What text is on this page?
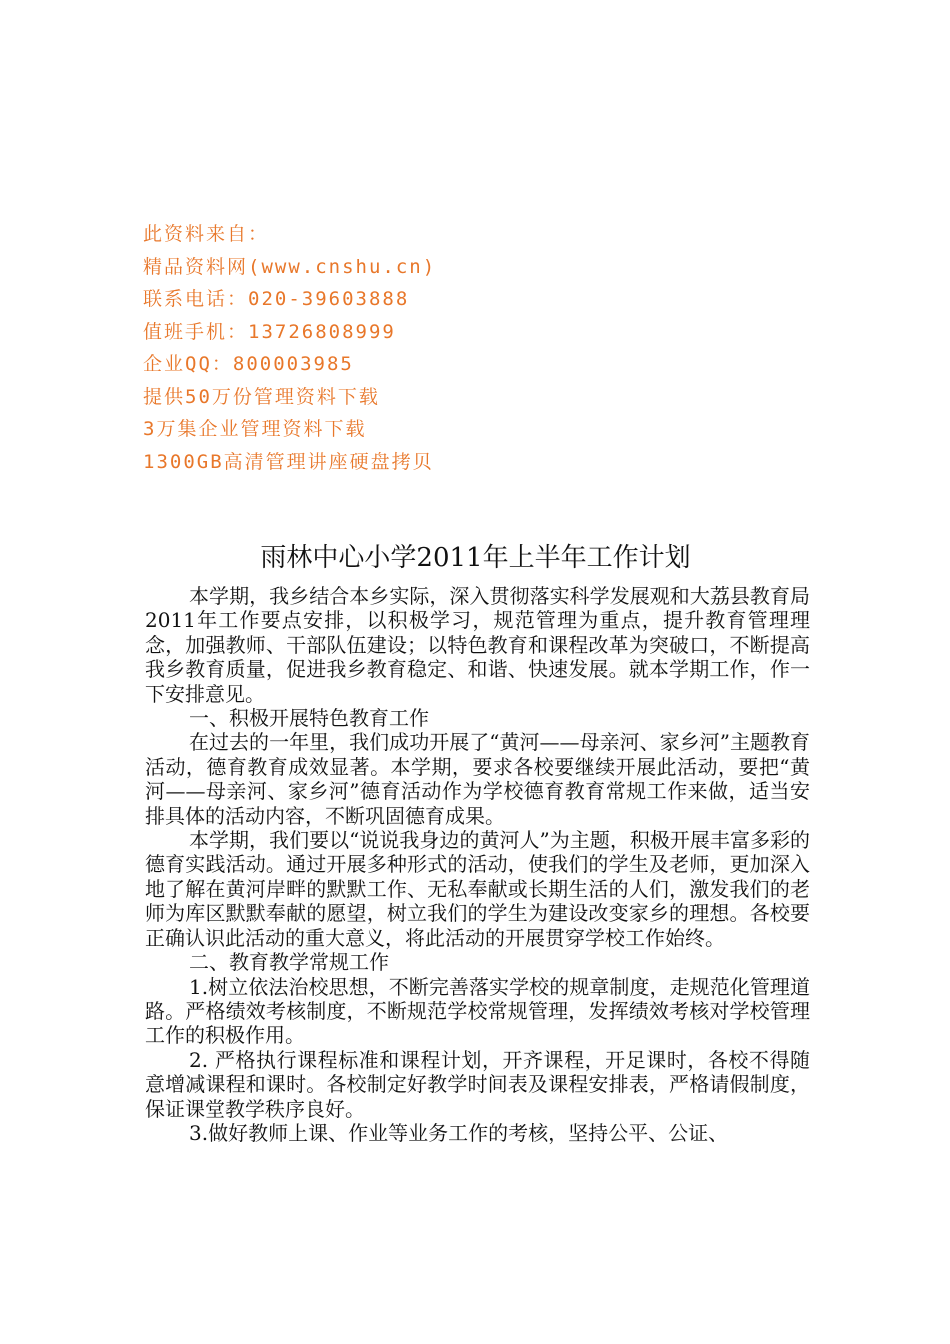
此资料来自：
精品资料网(www.cnshu.cn)
联系电话：020-39603888
值班手机：13726808999
企业QQ：800003985
提供50万份管理资料下载
3万集企业管理资料下载
1300GB高清管理讲座硬盘拷贝
雨林中心小学2011年上半年工作计划

本学期，我乡结合本乡实际，深入贯彻落实科学发展观和大荔县教育局2011年工作要点安排，以积极学习，规范管理为重点，提升教育管理理念，加强教师、干部队伍建设；以特色教育和课程改革为突破口，不断提高我乡教育质量，促进我乡教育稳定、和谐、快速发展。就本学期工作，作一下安排意见。

一、积极开展特色教育工作

在过去的一年里，我们成功开展了“黄河——母亲河、家乡河”主题教育活动，德育教育成效显著。本学期，要求各校要继续开展此活动，要把“黄河——母亲河、家乡河”德育活动作为学校德育教育常规工作来做，适当安排具体的活动内容，不断巩固德育成果。

本学期，我们要以“说说我身边的黄河人”为主题，积极开展丰富多彩的德育实践活动。通过开展多种形式的活动，使我们的学生及老师，更加深入地了解在黄河岸畔的默默工作、无私奉献或长期生活的人们，激发我们的老师为库区默默奉献的愿望，树立我们的学生为建设改变家乡的理想。各校要正确认识此活动的重大意义，将此活动的开展贯穿学校工作始终。

二、教育教学常规工作

1.树立依法治校思想，不断完善落实学校的规章制度，走规范化管理道路。严格绩效考核制度，不断规范学校常规管理，发挥绩效考核对学校管理工作的积极作用。

2. 严格执行课程标准和课程计划，开齐课程，开足课时，各校不得随意增减课程和课时。各校制定好教学时间表及课程安排表，严格请假制度，保证课堂教学秩序良好。

3.做好教师上课、作业等业务工作的考核，坚持公平、公证、
